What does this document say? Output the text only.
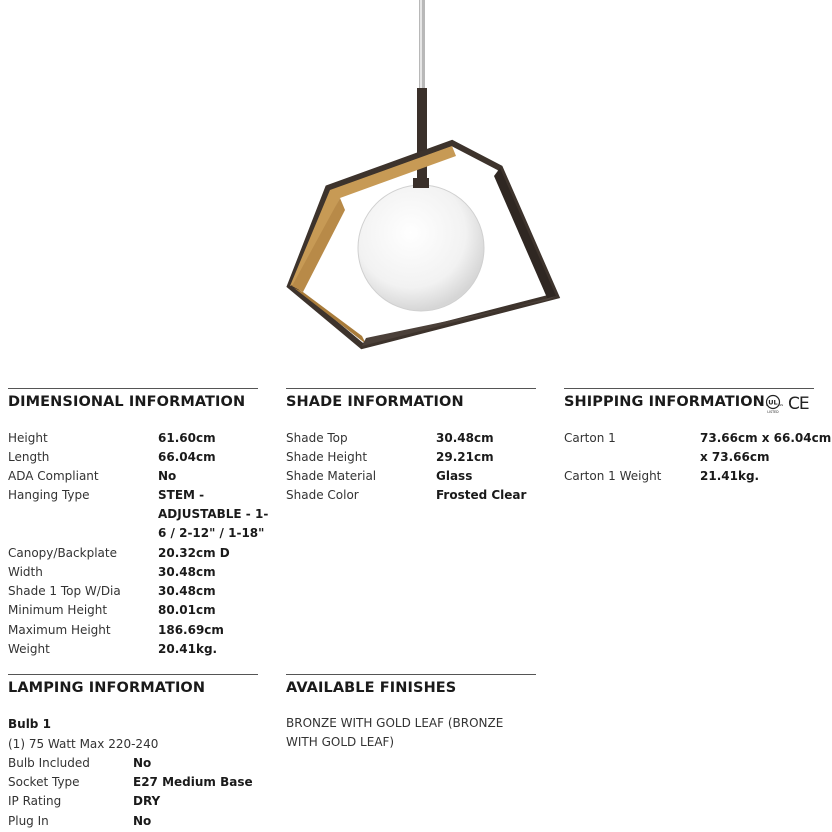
DIMENSIONAL INFORMATION
Height	61.60cm
Length	66.04cm
ADA Compliant	No
Hanging Type	STEM - ADJUSTABLE - 1-6 / 2-12" / 1-18"
Canopy/Backplate	20.32cm D
Width	30.48cm
Shade 1 Top W/Dia	30.48cm
Minimum Height	80.01cm
Maximum Height	186.69cm
Weight	20.41kg.
SHADE INFORMATION
Shade Top	30.48cm
Shade Height	29.21cm
Shade Material	Glass
Shade Color	Frosted Clear
SHIPPING INFORMATION UL
c	us
LISTED CE
Carton 1	73.66cm x 66.04cm x 73.66cm
Carton 1 Weight	21.41kg.
LAMPING INFORMATION
Bulb 1
(1) 75 Watt Max 220-240
Bulb Included	No
Socket Type	E27 Medium Base
IP Rating	DRY
Plug In	No
AVAILABLE FINISHES
BRONZE WITH GOLD LEAF (BRONZE WITH GOLD LEAF)
